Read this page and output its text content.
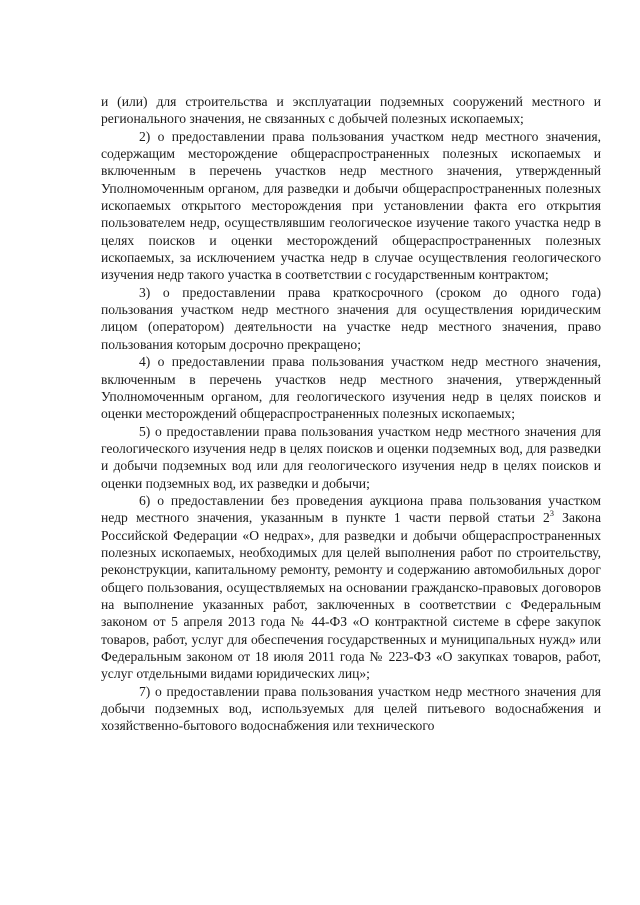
и (или) для строительства и эксплуатации подземных сооружений местного и регионального значения, не связанных с добычей полезных ископаемых;

2) о предоставлении права пользования участком недр местного значения, содержащим месторождение общераспространенных полезных ископаемых и включенным в перечень участков недр местного значения, утвержденный Уполномоченным органом, для разведки и добычи общераспространенных полезных ископаемых открытого месторождения при установлении факта его открытия пользователем недр, осуществлявшим геологическое изучение такого участка недр в целях поисков и оценки месторождений общераспространенных полезных ископаемых, за исключением участка недр в случае осуществления геологического изучения недр такого участка в соответствии с государственным контрактом;

3) о предоставлении права краткосрочного (сроком до одного года) пользования участком недр местного значения для осуществления юридическим лицом (оператором) деятельности на участке недр местного значения, право пользования которым досрочно прекращено;

4) о предоставлении права пользования участком недр местного значения, включенным в перечень участков недр местного значения, утвержденный Уполномоченным органом, для геологического изучения недр в целях поисков и оценки месторождений общераспространенных полезных ископаемых;

5) о предоставлении права пользования участком недр местного значения для геологического изучения недр в целях поисков и оценки подземных вод, для разведки и добычи подземных вод или для геологического изучения недр в целях поисков и оценки подземных вод, их разведки и добычи;

6) о предоставлении без проведения аукциона права пользования участком недр местного значения, указанным в пункте 1 части первой статьи $2^3$ Закона Российской Федерации «О недрах», для разведки и добычи общераспространенных полезных ископаемых, необходимых для целей выполнения работ по строительству, реконструкции, капитальному ремонту, ремонту и содержанию автомобильных дорог общего пользования, осуществляемых на основании гражданско-правовых договоров на выполнение указанных работ, заключенных в соответствии с Федеральным законом от 5 апреля 2013 года № 44-ФЗ «О контрактной системе в сфере закупок товаров, работ, услуг для обеспечения государственных и муниципальных нужд» или Федеральным законом от 18 июля 2011 года № 223-ФЗ «О закупках товаров, работ, услуг отдельными видами юридических лиц»;

7) о предоставлении права пользования участком недр местного значения для добычи подземных вод, используемых для целей питьевого водоснабжения и хозяйственно-бытового водоснабжения или технического
